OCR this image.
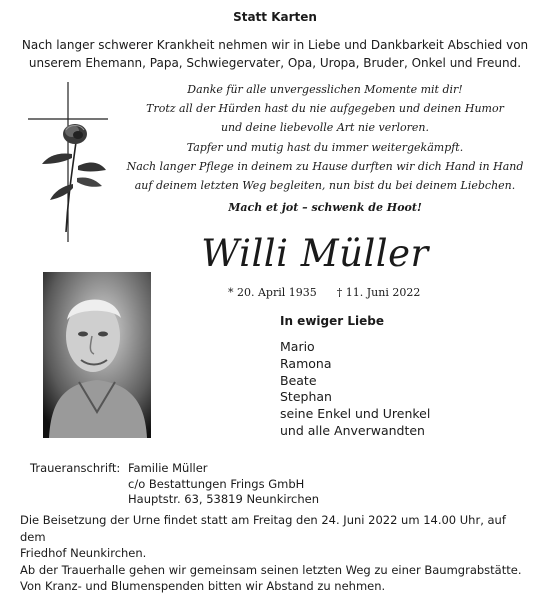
Statt Karten
Nach langer schwerer Krankheit nehmen wir in Liebe und Dankbarkeit Abschied von
unserem Ehemann, Papa, Schwiegervater, Opa, Uropa, Bruder, Onkel und Freund.
Danke für alle unvergesslichen Momente mit dir!
Trotz all der Hürden hast du nie aufgegeben und deinen Humor
und deine liebevolle Art nie verloren.
Tapfer und mutig hast du immer weitergekämpft.
Nach langer Pflege in deinem zu Hause durften wir dich Hand in Hand
auf deinem letzten Weg begleiten, nun bist du bei deinem Liebchen.
Mach et jot – schwenk de Hoot!
Willi Müller
* 20. April 1935 † 11. Juni 2022
In ewiger Liebe
Mario
Ramona
Beate
Stephan
seine Enkel und Urenkel
und alle Anverwandten
Traueranschrift: Familie Müller
c/o Bestattungen Frings GmbH
Hauptstr. 63, 53819 Neunkirchen
Die Beisetzung der Urne findet statt am Freitag den 24. Juni 2022 um 14.00 Uhr, auf dem
Friedhof Neunkirchen.
Ab der Trauerhalle gehen wir gemeinsam seinen letzten Weg zu einer Baumgrabstätte.
Von Kranz- und Blumenspenden bitten wir Abstand zu nehmen.
